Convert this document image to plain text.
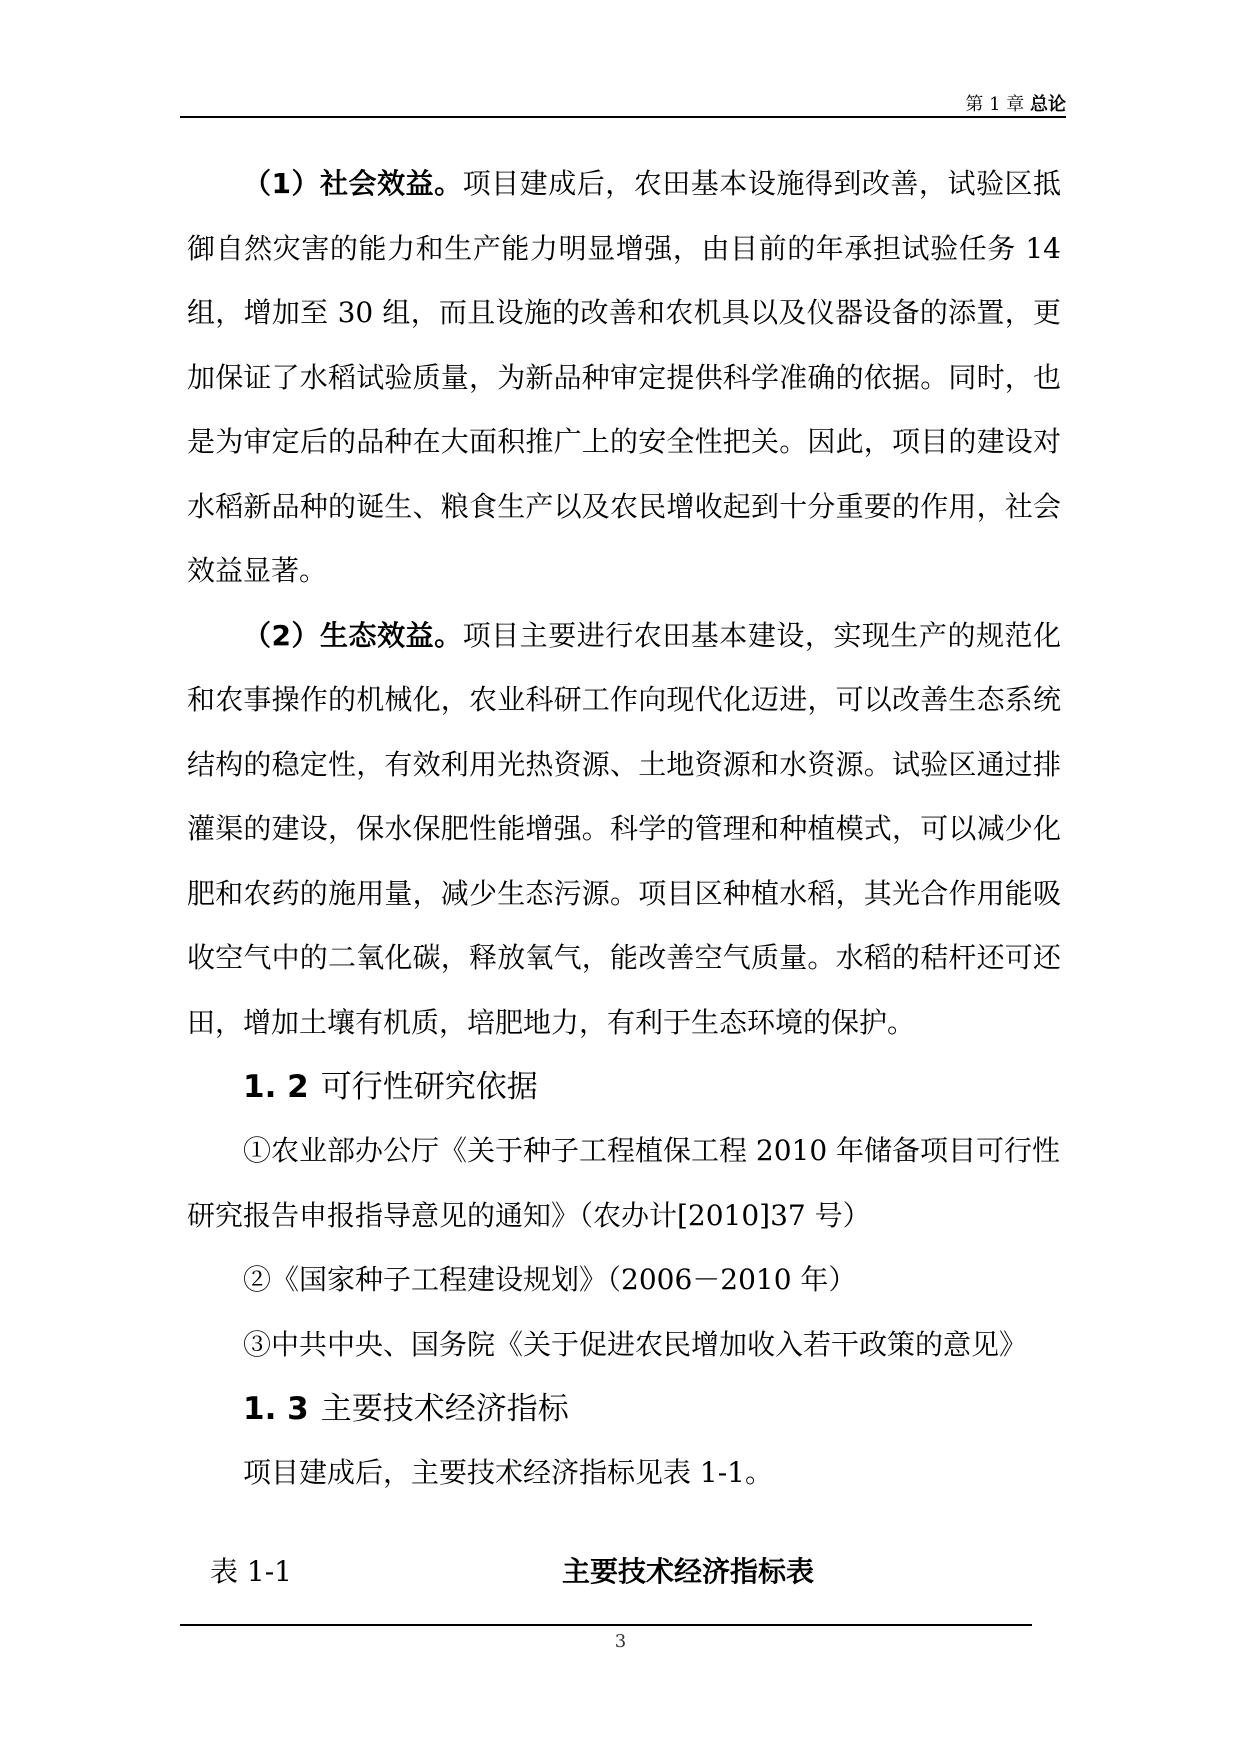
第 1 章 总论

（1）社会效益。项目建成后，农田基本设施得到改善，试验区抵御自然灾害的能力和生产能力明显增强，由目前的年承担试验任务 14 组，增加至 30 组，而且设施的改善和农机具以及仪器设备的添置，更加保证了水稻试验质量，为新品种审定提供科学准确的依据。同时，也是为审定后的品种在大面积推广上的安全性把关。因此，项目的建设对水稻新品种的诞生、粮食生产以及农民增收起到十分重要的作用，社会效益显著。

（2）生态效益。项目主要进行农田基本建设，实现生产的规范化和农事操作的机械化，农业科研工作向现代化迈进，可以改善生态系统结构的稳定性，有效利用光热资源、土地资源和水资源。试验区通过排灌渠的建设，保水保肥性能增强。科学的管理和种植模式，可以减少化肥和农药的施用量，减少生态污源。项目区种植水稻，其光合作用能吸收空气中的二氧化碳，释放氧气，能改善空气质量。水稻的秸杆还可还田，增加土壤有机质，培肥地力，有利于生态环境的保护。

1. 2 可行性研究依据

①农业部办公厅《关于种子工程植保工程 2010 年储备项目可行性研究报告申报指导意见的通知》（农办计[2010]37 号）

②《国家种子工程建设规划》（2006－2010 年）

③中共中央、国务院《关于促进农民增加收入若干政策的意见》

1. 3 主要技术经济指标

项目建成后，主要技术经济指标见表 1-1。

表 1-1	主要技术经济指标表
3
